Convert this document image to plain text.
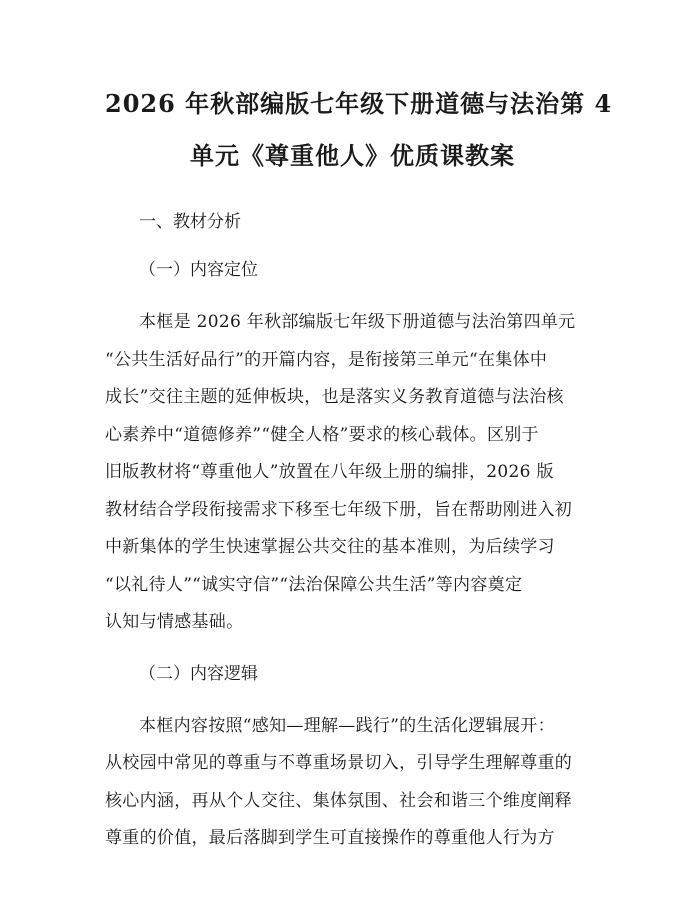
2026 年秋部编版七年级下册道德与法治第 4
单元《尊重他人》优质课教案

一、教材分析

（一）内容定位

本框是 2026 年秋部编版七年级下册道德与法治第四单元
“公共生活好品行”的开篇内容，是衔接第三单元“在集体中
成长”交往主题的延伸板块，也是落实义务教育道德与法治核
心素养中“道德修养”“健全人格”要求的核心载体。区别于
旧版教材将“尊重他人”放置在八年级上册的编排，2026 版
教材结合学段衔接需求下移至七年级下册，旨在帮助刚进入初
中新集体的学生快速掌握公共交往的基本准则，为后续学习
“以礼待人”“诚实守信”“法治保障公共生活”等内容奠定
认知与情感基础。

（二）内容逻辑

本框内容按照“感知—理解—践行”的生活化逻辑展开：
从校园中常见的尊重与不尊重场景切入，引导学生理解尊重的
核心内涵，再从个人交往、集体氛围、社会和谐三个维度阐释
尊重的价值，最后落脚到学生可直接操作的尊重他人行为方
